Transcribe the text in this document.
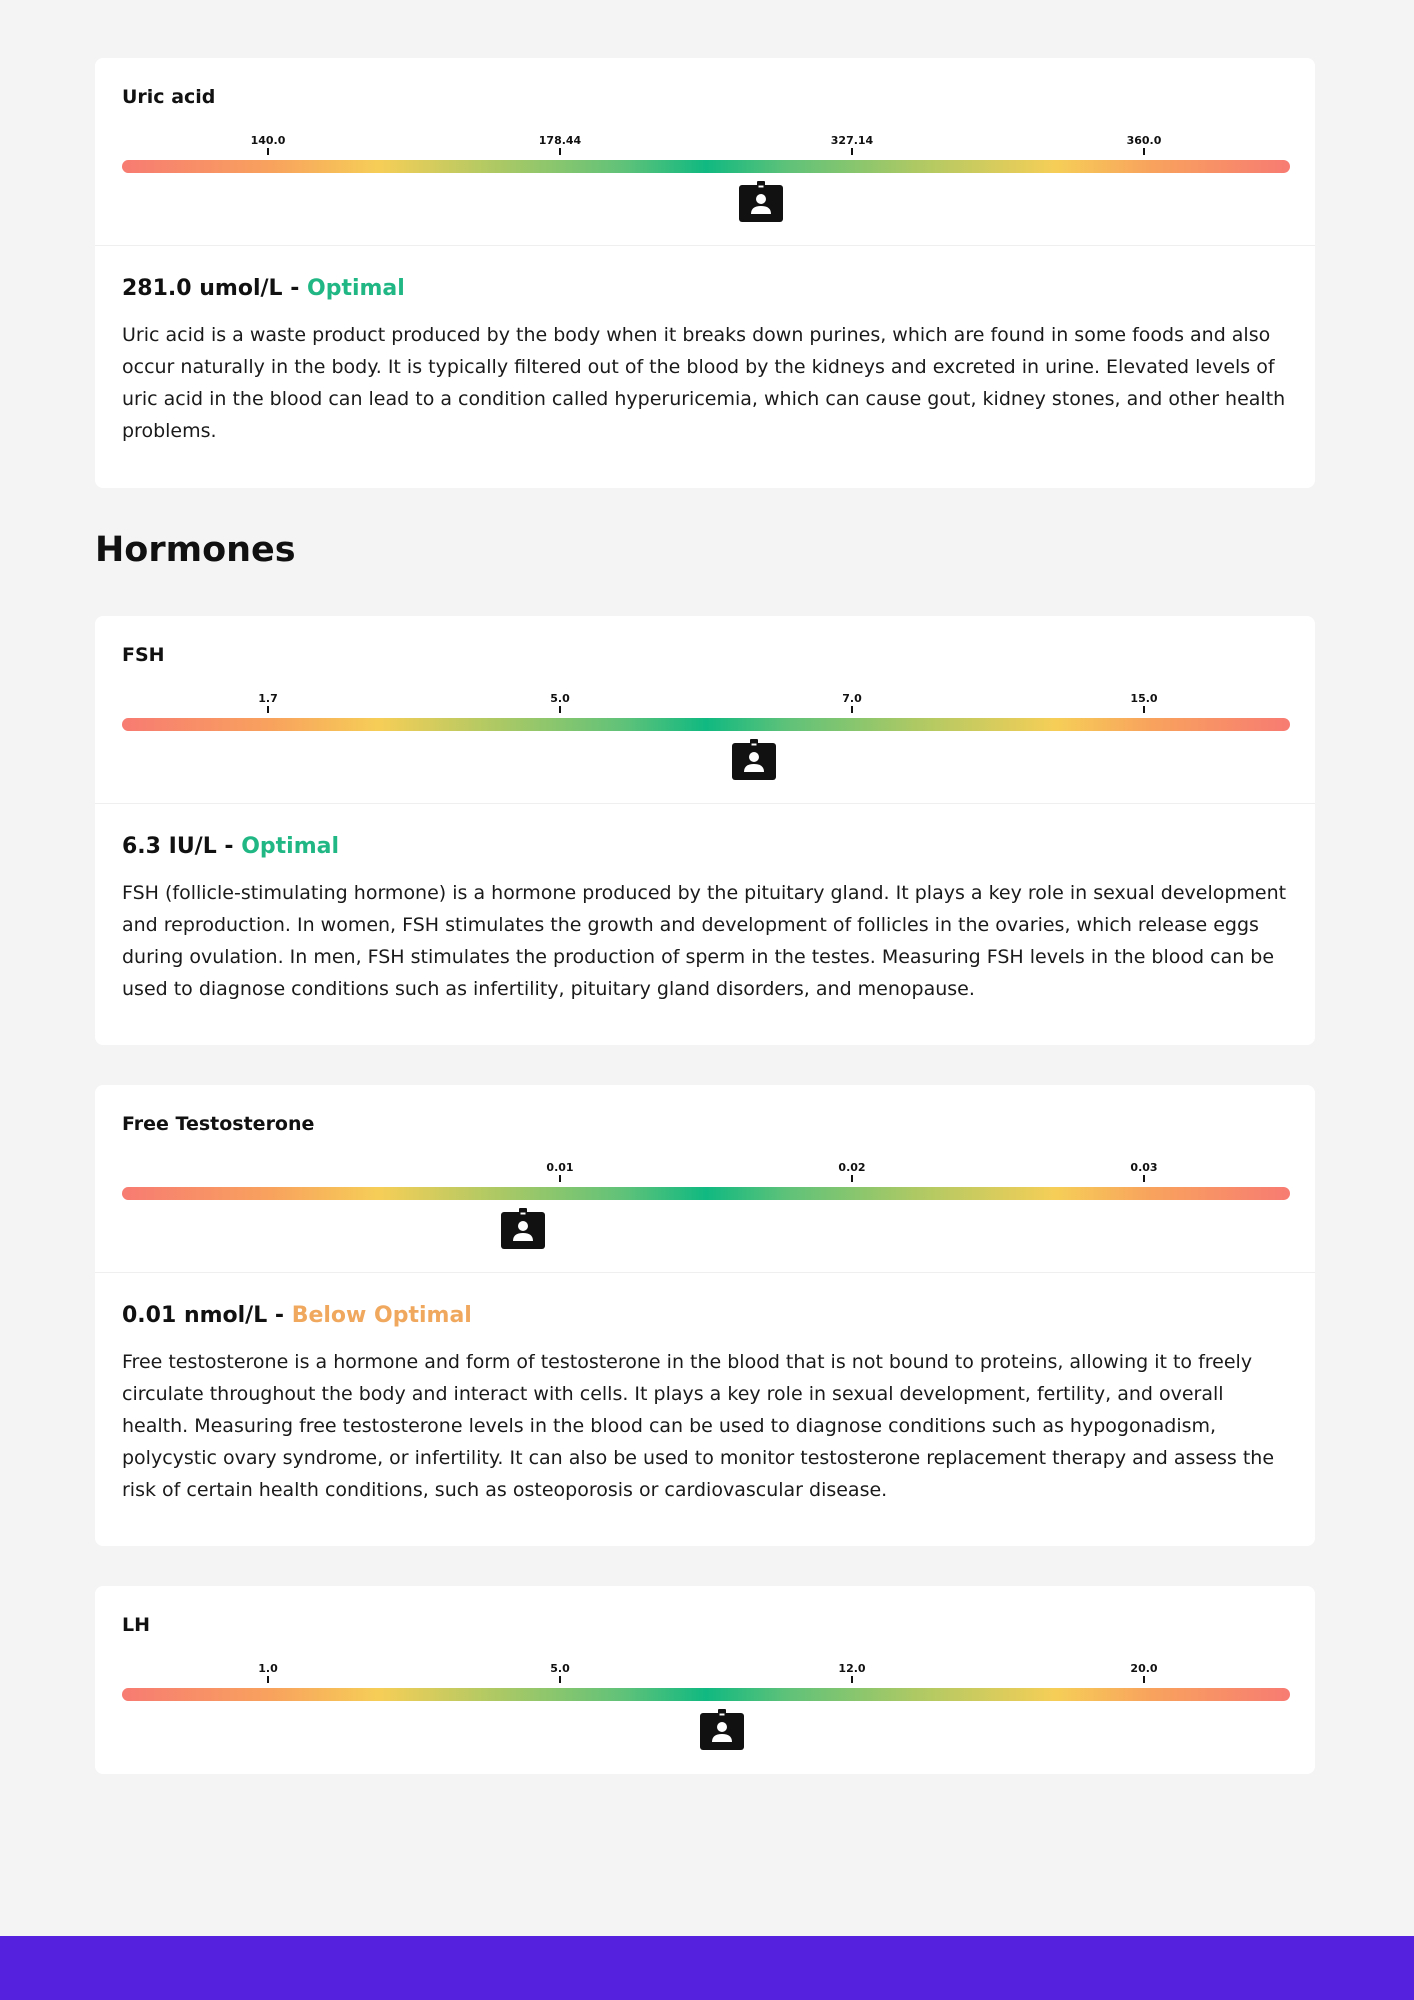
Uric acid
140.0	178.44	327.14	360.0
281.0 umol/L - Optimal
Uric acid is a waste product produced by the body when it breaks down purines, which are found in some foods and also occur naturally in the body. It is typically filtered out of the blood by the kidneys and excreted in urine. Elevated levels of uric acid in the blood can lead to a condition called hyperuricemia, which can cause gout, kidney stones, and other health problems.
Hormones
FSH
1.7	5.0	7.0	15.0
6.3 IU/L - Optimal
FSH (follicle-stimulating hormone) is a hormone produced by the pituitary gland. It plays a key role in sexual development and reproduction. In women, FSH stimulates the growth and development of follicles in the ovaries, which release eggs during ovulation. In men, FSH stimulates the production of sperm in the testes. Measuring FSH levels in the blood can be used to diagnose conditions such as infertility, pituitary gland disorders, and menopause.
Free Testosterone
0.01	0.02	0.03
0.01 nmol/L - Below Optimal
Free testosterone is a hormone and form of testosterone in the blood that is not bound to proteins, allowing it to freely circulate throughout the body and interact with cells. It plays a key role in sexual development, fertility, and overall health. Measuring free testosterone levels in the blood can be used to diagnose conditions such as hypogonadism, polycystic ovary syndrome, or infertility. It can also be used to monitor testosterone replacement therapy and assess the risk of certain health conditions, such as osteoporosis or cardiovascular disease.
LH
1.0	5.0	12.0	20.0
